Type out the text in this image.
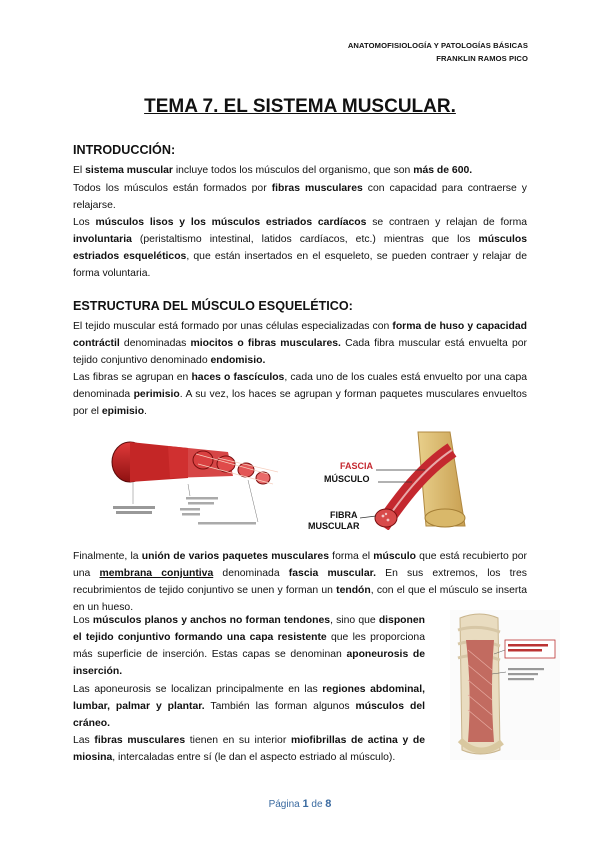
ANATOMOFISIOLOGÍA Y PATOLOGÍAS BÁSICAS
FRANKLIN RAMOS PICO
TEMA 7. EL SISTEMA MUSCULAR.
INTRODUCCIÓN:
El sistema muscular incluye todos los músculos del organismo, que son más de 600.
Todos los músculos están formados por fibras musculares con capacidad para contraerse y relajarse.
Los músculos lisos y los músculos estriados cardíacos se contraen y relajan de forma involuntaria (peristaltismo intestinal, latidos cardíacos, etc.) mientras que los músculos estriados esqueléticos, que están insertados en el esqueleto, se pueden contraer y relajar de forma voluntaria.
ESTRUCTURA DEL MÚSCULO ESQUELÉTICO:
El tejido muscular está formado por unas células especializadas con forma de huso y capacidad contráctil denominadas miocitos o fibras musculares. Cada fibra muscular está envuelta por tejido conjuntivo denominado endomisio.
Las fibras se agrupan en haces o fascículos, cada uno de los cuales está envuelto por una capa denominada perimisio. A su vez, los haces se agrupan y forman paquetes musculares envueltos por el epimisio.
FASCIA
MÚSCULO
FIBRA
MUSCULAR
Finalmente, la unión de varios paquetes musculares forma el músculo que está recubierto por una membrana conjuntiva denominada fascia muscular. En sus extremos, los tres recubrimientos de tejido conjuntivo se unen y forman un tendón, con el que el músculo se inserta en un hueso.
Los músculos planos y anchos no forman tendones, sino que disponen el tejido conjuntivo formando una capa resistente que les proporciona más superficie de inserción. Estas capas se denominan aponeurosis de inserción.
Las aponeurosis se localizan principalmente en las regiones abdominal, lumbar, palmar y plantar. También las forman algunos músculos del cráneo.
Las fibras musculares tienen en su interior miofibrillas de actina y de miosina, intercaladas entre sí (le dan el aspecto estriado al músculo).
Página 1 de 8
